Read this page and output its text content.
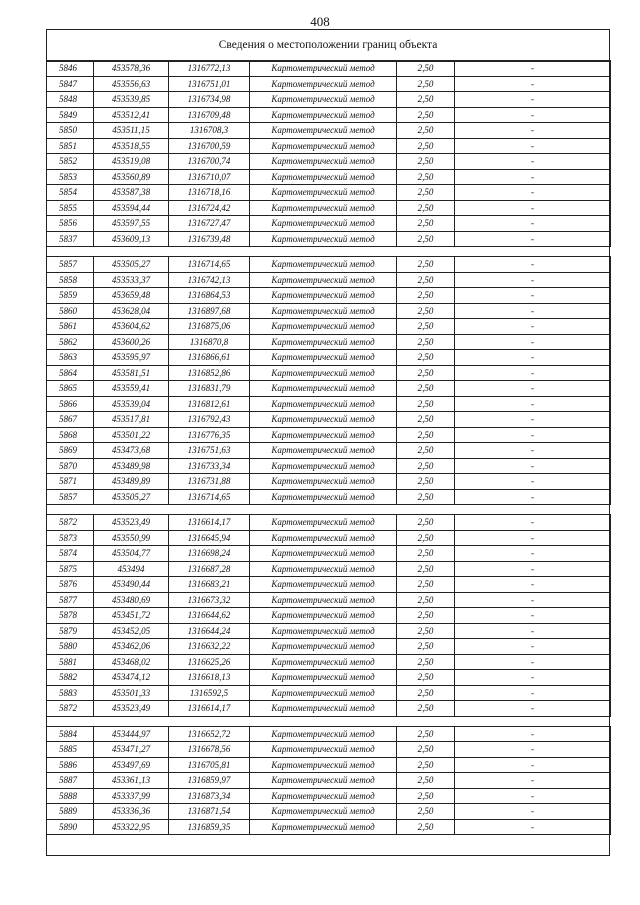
408
Сведения о местоположении границ объекта
5846	453578,36	1316772,13	Картометрический метод	2,50	-
5847	453556,63	1316751,01	Картометрический метод	2,50	-
5848	453539,85	1316734,98	Картометрический метод	2,50	-
5849	453512,41	1316709,48	Картометрический метод	2,50	-
5850	453511,15	1316708,3	Картометрический метод	2,50	-
5851	453518,55	1316700,59	Картометрический метод	2,50	-
5852	453519,08	1316700,74	Картометрический метод	2,50	-
5853	453560,89	1316710,07	Картометрический метод	2,50	-
5854	453587,38	1316718,16	Картометрический метод	2,50	-
5855	453594,44	1316724,42	Картометрический метод	2,50	-
5856	453597,55	1316727,47	Картометрический метод	2,50	-
5837	453609,13	1316739,48	Картометрический метод	2,50	-

5857	453505,27	1316714,65	Картометрический метод	2,50	-
5858	453533,37	1316742,13	Картометрический метод	2,50	-
5859	453659,48	1316864,53	Картометрический метод	2,50	-
5860	453628,04	1316897,68	Картометрический метод	2,50	-
5861	453604,62	1316875,06	Картометрический метод	2,50	-
5862	453600,26	1316870,8	Картометрический метод	2,50	-
5863	453595,97	1316866,61	Картометрический метод	2,50	-
5864	453581,51	1316852,86	Картометрический метод	2,50	-
5865	453559,41	1316831,79	Картометрический метод	2,50	-
5866	453539,04	1316812,61	Картометрический метод	2,50	-
5867	453517,81	1316792,43	Картометрический метод	2,50	-
5868	453501,22	1316776,35	Картометрический метод	2,50	-
5869	453473,68	1316751,63	Картометрический метод	2,50	-
5870	453489,98	1316733,34	Картометрический метод	2,50	-
5871	453489,89	1316731,88	Картометрический метод	2,50	-
5857	453505,27	1316714,65	Картометрический метод	2,50	-

5872	453523,49	1316614,17	Картометрический метод	2,50	-
5873	453550,99	1316645,94	Картометрический метод	2,50	-
5874	453504,77	1316698,24	Картометрический метод	2,50	-
5875	453494	1316687,28	Картометрический метод	2,50	-
5876	453490,44	1316683,21	Картометрический метод	2,50	-
5877	453480,69	1316673,32	Картометрический метод	2,50	-
5878	453451,72	1316644,62	Картометрический метод	2,50	-
5879	453452,05	1316644,24	Картометрический метод	2,50	-
5880	453462,06	1316632,22	Картометрический метод	2,50	-
5881	453468,02	1316625,26	Картометрический метод	2,50	-
5882	453474,12	1316618,13	Картометрический метод	2,50	-
5883	453501,33	1316592,5	Картометрический метод	2,50	-
5872	453523,49	1316614,17	Картометрический метод	2,50	-

5884	453444,97	1316652,72	Картометрический метод	2,50	-
5885	453471,27	1316678,56	Картометрический метод	2,50	-
5886	453497,69	1316705,81	Картометрический метод	2,50	-
5887	453361,13	1316859,97	Картометрический метод	2,50	-
5888	453337,99	1316873,34	Картометрический метод	2,50	-
5889	453336,36	1316871,54	Картометрический метод	2,50	-
5890	453322,95	1316859,35	Картометрический метод	2,50	-
